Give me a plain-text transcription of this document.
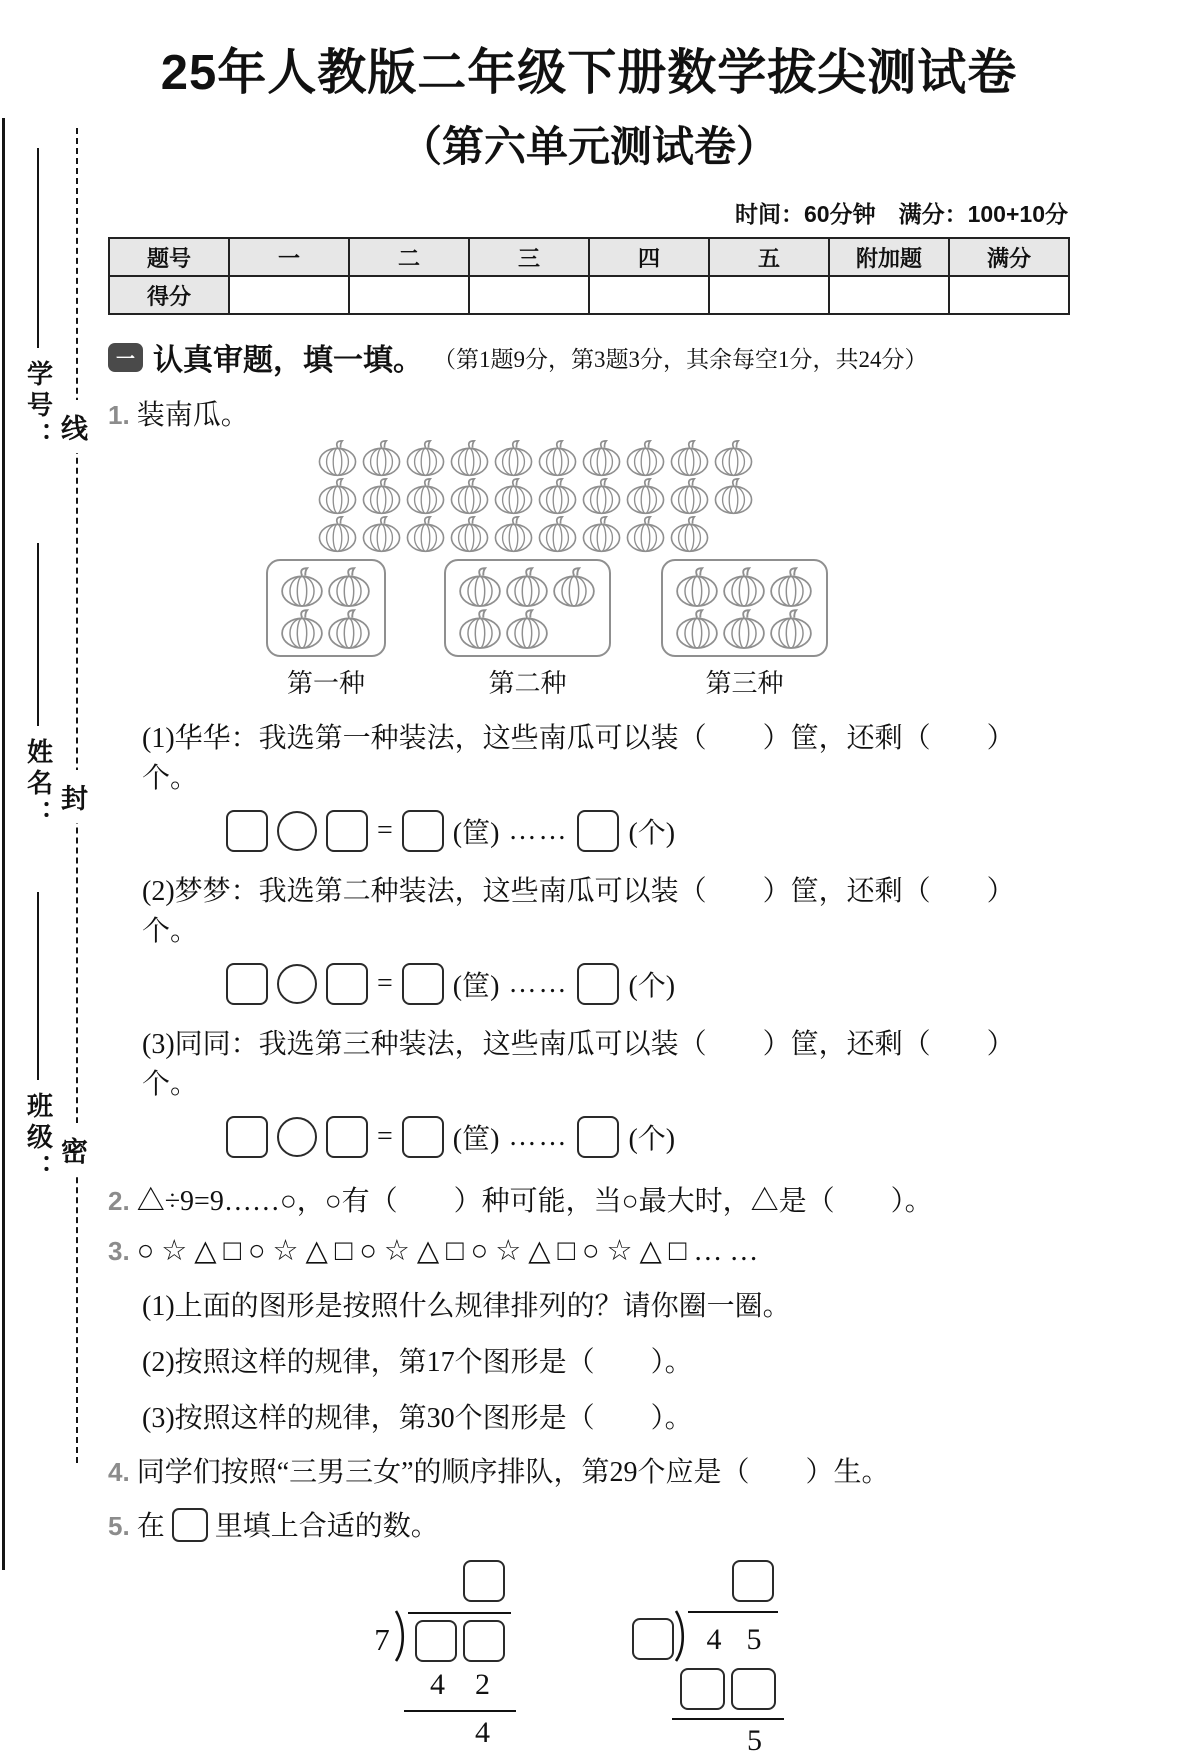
学号：
姓名：
班级：
线
封
密
25年人教版二年级下册数学拔尖测试卷
（第六单元测试卷）
时间：60分钟　满分：100+10分
题号	一	二	三	四	五	附加题	满分
得分							
一 认真审题，填一填。 （第1题9分，第3题3分，其余每空1分，共24分）
1. 装南瓜。
第一种	第二种	第三种
(1)华华：我选第一种装法，这些南瓜可以装（　　）筐，还剩（　　）个。
= (筐) …… (个)
(2)梦梦：我选第二种装法，这些南瓜可以装（　　）筐，还剩（　　）个。
= (筐) …… (个)
(3)同同：我选第三种装法，这些南瓜可以装（　　）筐，还剩（　　）个。
= (筐) …… (个)
2. △÷9=9……○，○有（　　）种可能，当○最大时，△是（　　）。
3. ○☆△□○☆△□○☆△□○☆△□○☆△□……
(1)上面的图形是按照什么规律排列的？请你圈一圈。
(2)按照这样的规律，第17个图形是（　　）。
(3)按照这样的规律，第30个图形是（　　）。
4. 同学们按照“三男三女”的顺序排队，第29个应是（　　）生。
5. 在 里填上合适的数。
7
4	2
4
4 5
5
